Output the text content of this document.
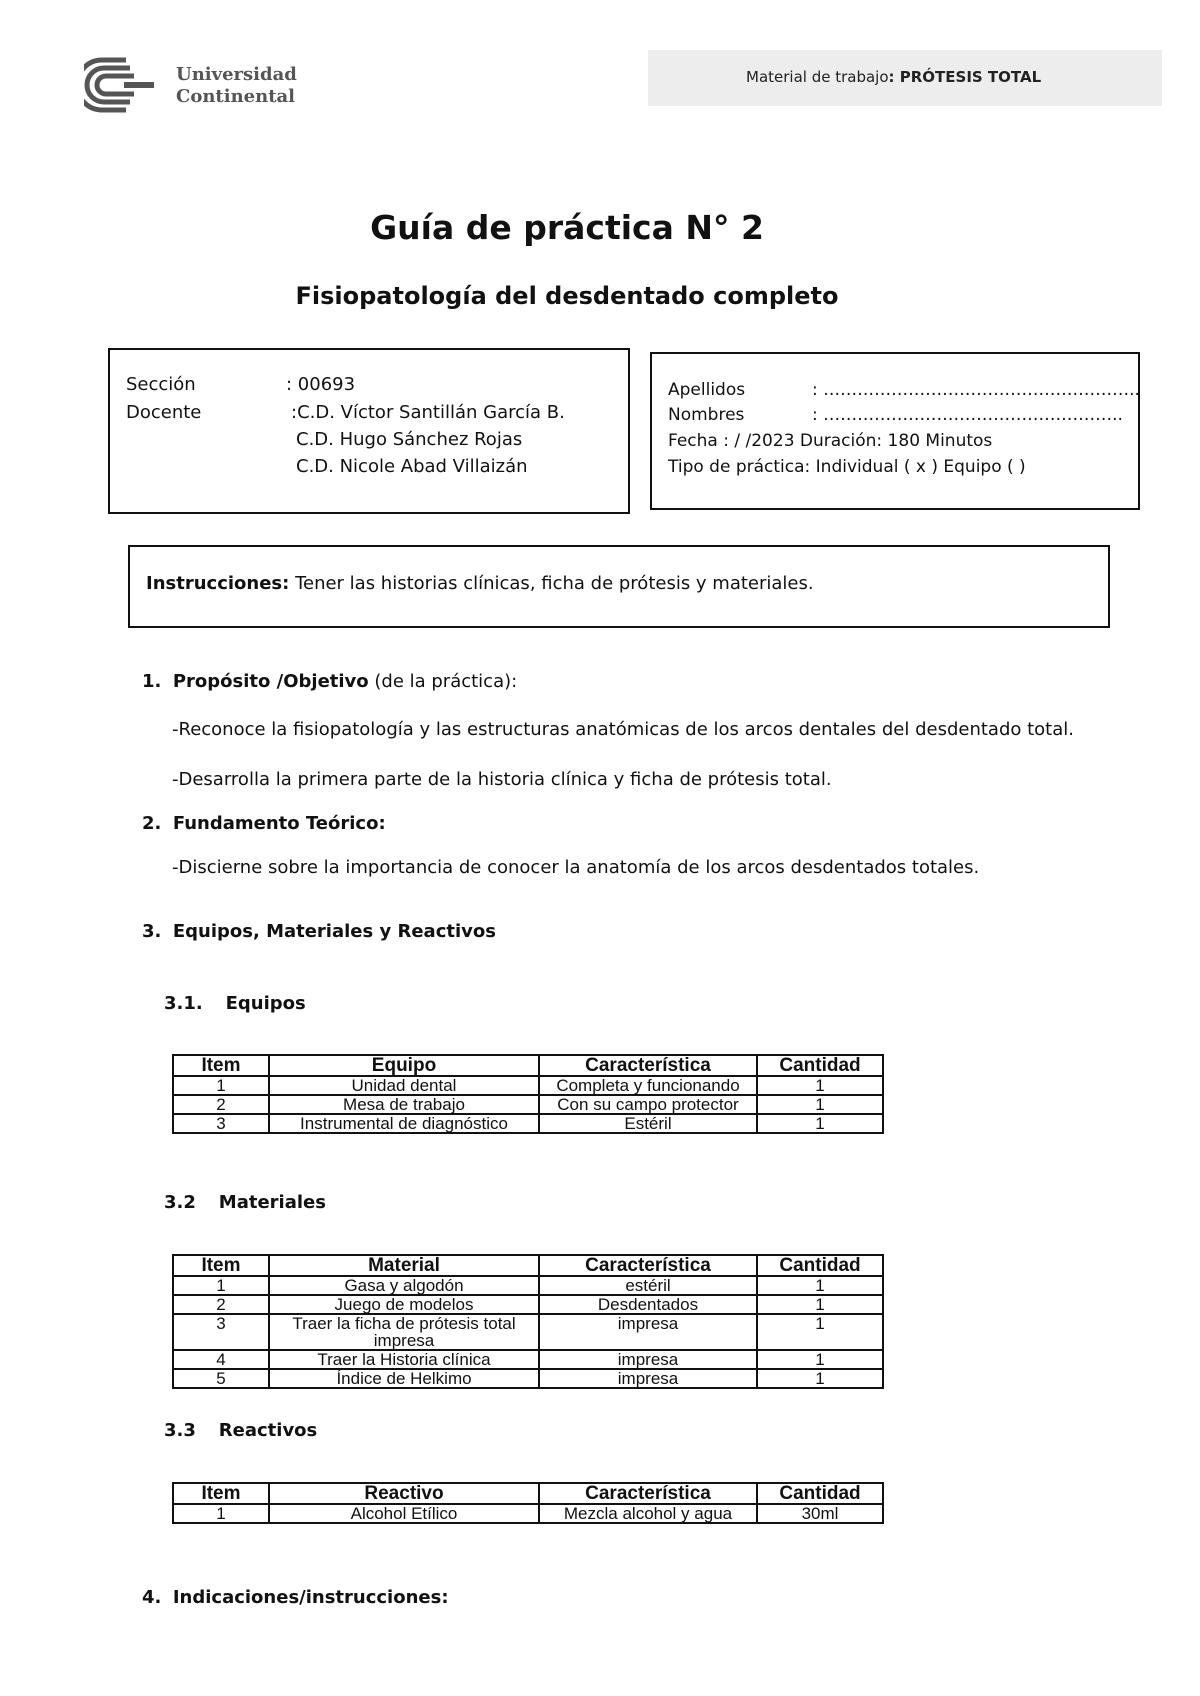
Universidad
Continental
Material de trabajo: PRÓTESIS TOTAL
Guía de práctica N° 2
Fisiopatología del desdentado completo
Sección	: 00693
Docente	:C.D. Víctor Santillán García B.
C.D. Hugo Sánchez Rojas
C.D. Nicole Abad Villaizán
Apellidos	: ………………………………………………..
Nombres	: ……………………………………………..
Fecha : / /2023 Duración: 180 Minutos
Tipo de práctica: Individual ( x ) Equipo ( )
Instrucciones: Tener las historias clínicas, ficha de prótesis y materiales.
1. Propósito /Objetivo (de la práctica):
-Reconoce la fisiopatología y las estructuras anatómicas de los arcos dentales del desdentado total.
-Desarrolla la primera parte de la historia clínica y ficha de prótesis total.
2. Fundamento Teórico:
-Discierne sobre la importancia de conocer la anatomía de los arcos desdentados totales.
3. Equipos, Materiales y Reactivos
3.1. Equipos
Item	Equipo	Característica	Cantidad
1	Unidad dental	Completa y funcionando	1
2	Mesa de trabajo	Con su campo protector	1
3	Instrumental de diagnóstico	Estéril	1
3.2 Materiales
Item	Material	Característica	Cantidad
1	Gasa y algodón	estéril	1
2	Juego de modelos	Desdentados	1
3	Traer la ficha de prótesis total impresa	impresa	1
4	Traer la Historia clínica	impresa	1
5	Índice de Helkimo	impresa	1
3.3 Reactivos
Item	Reactivo	Característica	Cantidad
1	Alcohol Etílico	Mezcla alcohol y agua	30ml
4. Indicaciones/instrucciones:
